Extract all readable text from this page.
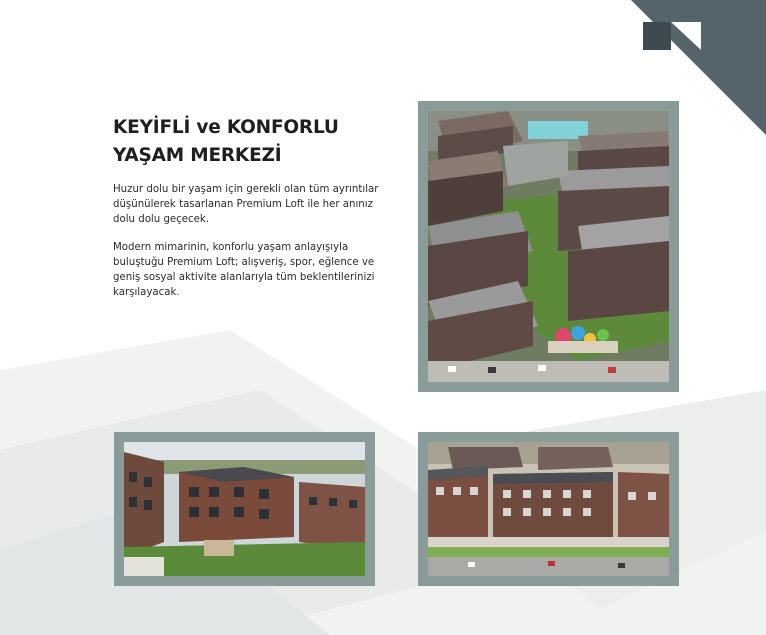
KEYİFLİ ve KONFORLU
YAŞAM MERKEZİ

Huzur dolu bir yaşam için gerekli olan tüm ayrıntılar düşünülerek tasarlanan Premium Loft ile her anınız dolu dolu geçecek.

Modern mimarinin, konforlu yaşam anlayışıyla buluştuğu Premium Loft; alışveriş, spor, eğlence ve geniş sosyal aktivite alanlarıyla tüm beklentilerinizi karşılayacak.
